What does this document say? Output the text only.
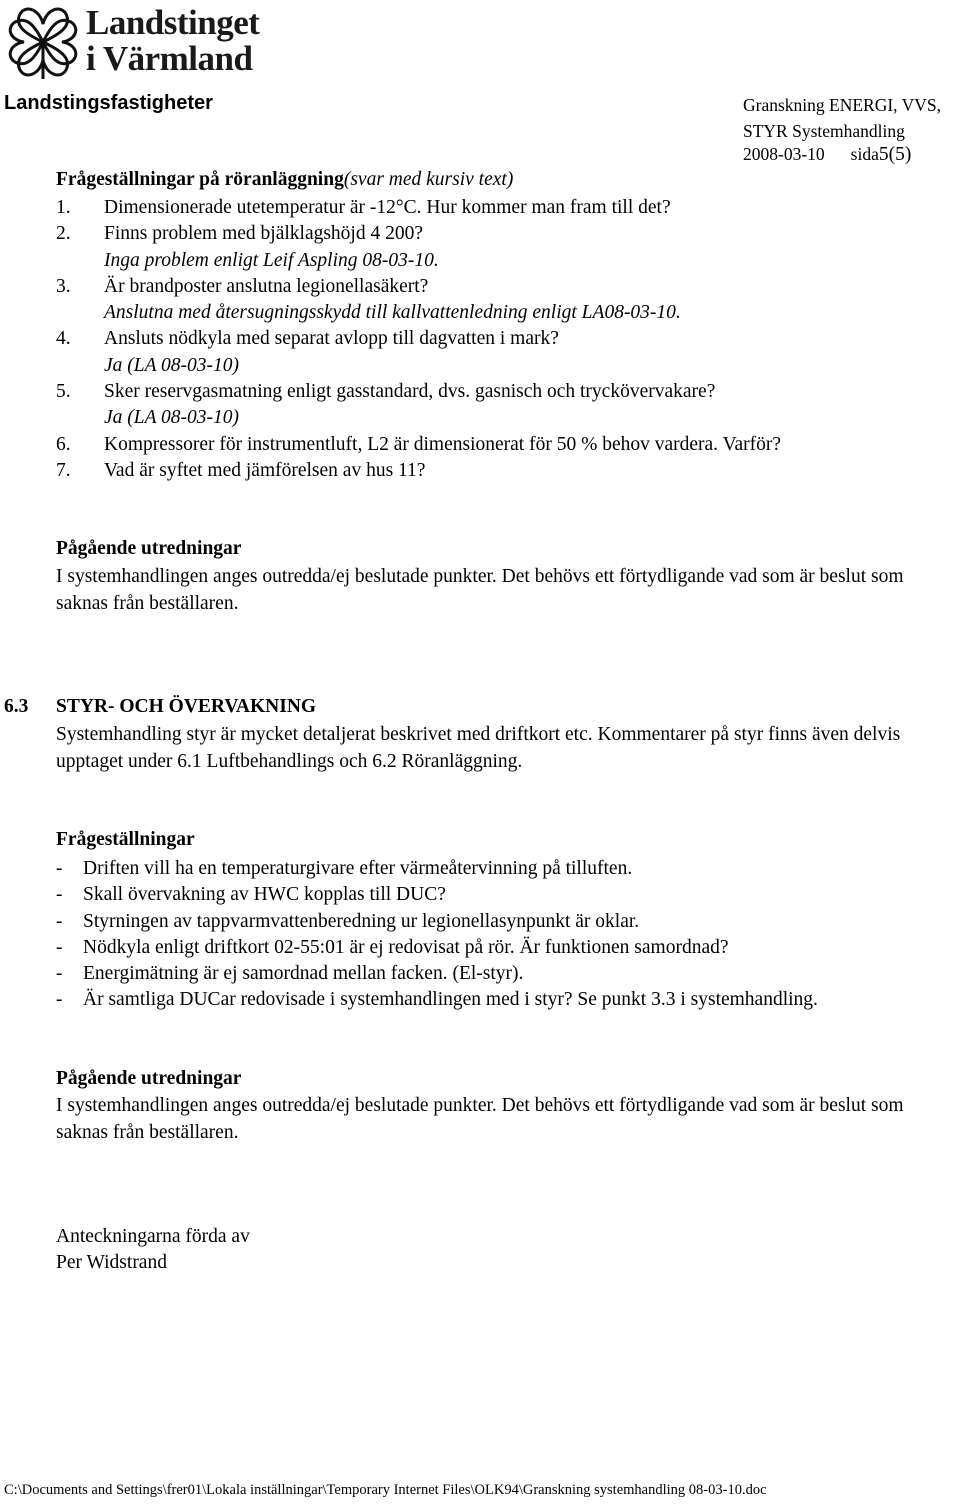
Landstinget
i Värmland
Landstingsfastigheter	Granskning ENERGI, VVS,
STYR Systemhandling
2008-03-10 sida5(5)
Frågeställningar på röranläggning(svar med kursiv text)
1. Dimensionerade utetemperatur är -12°C. Hur kommer man fram till det?
2. Finns problem med bjälklagshöjd 4 200?
Inga problem enligt Leif Aspling 08-03-10.
3. Är brandposter anslutna legionellasäkert?
Anslutna med återsugningsskydd till kallvattenledning enligt LA08-03-10.
4. Ansluts nödkyla med separat avlopp till dagvatten i mark?
Ja (LA 08-03-10)
5. Sker reservgasmatning enligt gasstandard, dvs. gasnisch och tryckövervakare?
Ja (LA 08-03-10)
6. Kompressorer för instrumentluft, L2 är dimensionerat för 50 % behov vardera. Varför?
7. Vad är syftet med jämförelsen av hus 11?
Pågående utredningar
I systemhandlingen anges outredda/ej beslutade punkter. Det behövs ett förtydligande vad som är beslut som saknas från beställaren.
6.3 STYR- OCH ÖVERVAKNING
Systemhandling styr är mycket detaljerat beskrivet med driftkort etc. Kommentarer på styr finns även delvis upptaget under 6.1 Luftbehandlings och 6.2 Röranläggning.
Frågeställningar
- Driften vill ha en temperaturgivare efter värmeåtervinning på tilluften.
- Skall övervakning av HWC kopplas till DUC?
- Styrningen av tappvarmvattenberedning ur legionellasynpunkt är oklar.
- Nödkyla enligt driftkort 02-55:01 är ej redovisat på rör. Är funktionen samordnad?
- Energimätning är ej samordnad mellan facken. (El-styr).
- Är samtliga DUCar redovisade i systemhandlingen med i styr? Se punkt 3.3 i systemhandling.
Pågående utredningar
I systemhandlingen anges outredda/ej beslutade punkter. Det behövs ett förtydligande vad som är beslut som saknas från beställaren.
Anteckningarna förda av
Per Widstrand
C:\Documents and Settings\frer01\Lokala inställningar\Temporary Internet Files\OLK94\Granskning systemhandling 08-03-10.doc
